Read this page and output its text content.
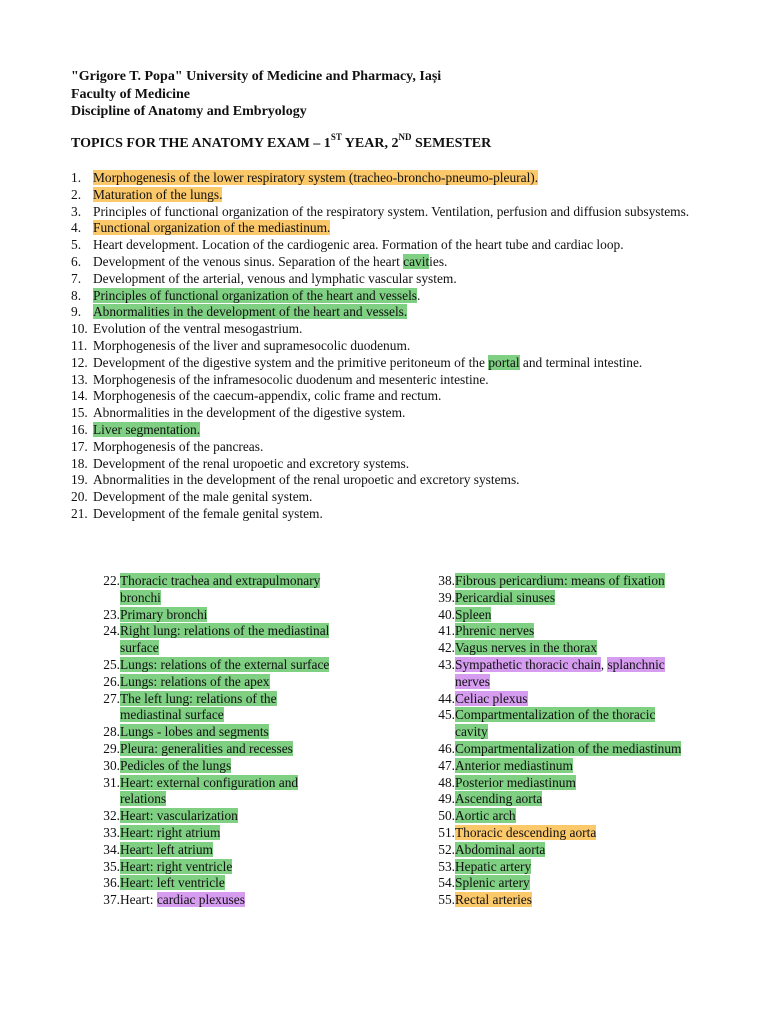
"Grigore T. Popa" University of Medicine and Pharmacy, Iași
Faculty of Medicine
Discipline of Anatomy and Embryology
TOPICS FOR THE ANATOMY EXAM – 1ST YEAR, 2ND SEMESTER
1. Morphogenesis of the lower respiratory system (tracheo-broncho-pneumo-pleural).
2. Maturation of the lungs.
3. Principles of functional organization of the respiratory system. Ventilation, perfusion and diffusion subsystems.
4. Functional organization of the mediastinum.
5. Heart development. Location of the cardiogenic area. Formation of the heart tube and cardiac loop.
6. Development of the venous sinus. Separation of the heart cavities.
7. Development of the arterial, venous and lymphatic vascular system.
8. Principles of functional organization of the heart and vessels.
9. Abnormalities in the development of the heart and vessels.
10. Evolution of the ventral mesogastrium.
11. Morphogenesis of the liver and supramesocolic duodenum.
12. Development of the digestive system and the primitive peritoneum of the portal and terminal intestine.
13. Morphogenesis of the inframesocolic duodenum and mesenteric intestine.
14. Morphogenesis of the caecum-appendix, colic frame and rectum.
15. Abnormalities in the development of the digestive system.
16. Liver segmentation.
17. Morphogenesis of the pancreas.
18. Development of the renal uropoetic and excretory systems.
19. Abnormalities in the development of the renal uropoetic and excretory systems.
20. Development of the male genital system.
21. Development of the female genital system.
22. Thoracic trachea and extrapulmonary bronchi
23. Primary bronchi
24. Right lung: relations of the mediastinal surface
25. Lungs: relations of the external surface
26. Lungs: relations of the apex
27. The left lung: relations of the mediastinal surface
28. Lungs - lobes and segments
29. Pleura: generalities and recesses
30. Pedicles of the lungs
31. Heart: external configuration and relations
32. Heart: vascularization
33. Heart: right atrium
34. Heart: left atrium
35. Heart: right ventricle
36. Heart: left ventricle
37. Heart: cardiac plexuses
38. Fibrous pericardium: means of fixation
39. Pericardial sinuses
40. Spleen
41. Phrenic nerves
42. Vagus nerves in the thorax
43. Sympathetic thoracic chain, splanchnic nerves
44. Celiac plexus
45. Compartmentalization of the thoracic cavity
46. Compartmentalization of the mediastinum
47. Anterior mediastinum
48. Posterior mediastinum
49. Ascending aorta
50. Aortic arch
51. Thoracic descending aorta
52. Abdominal aorta
53. Hepatic artery
54. Splenic artery
55. Rectal arteries
